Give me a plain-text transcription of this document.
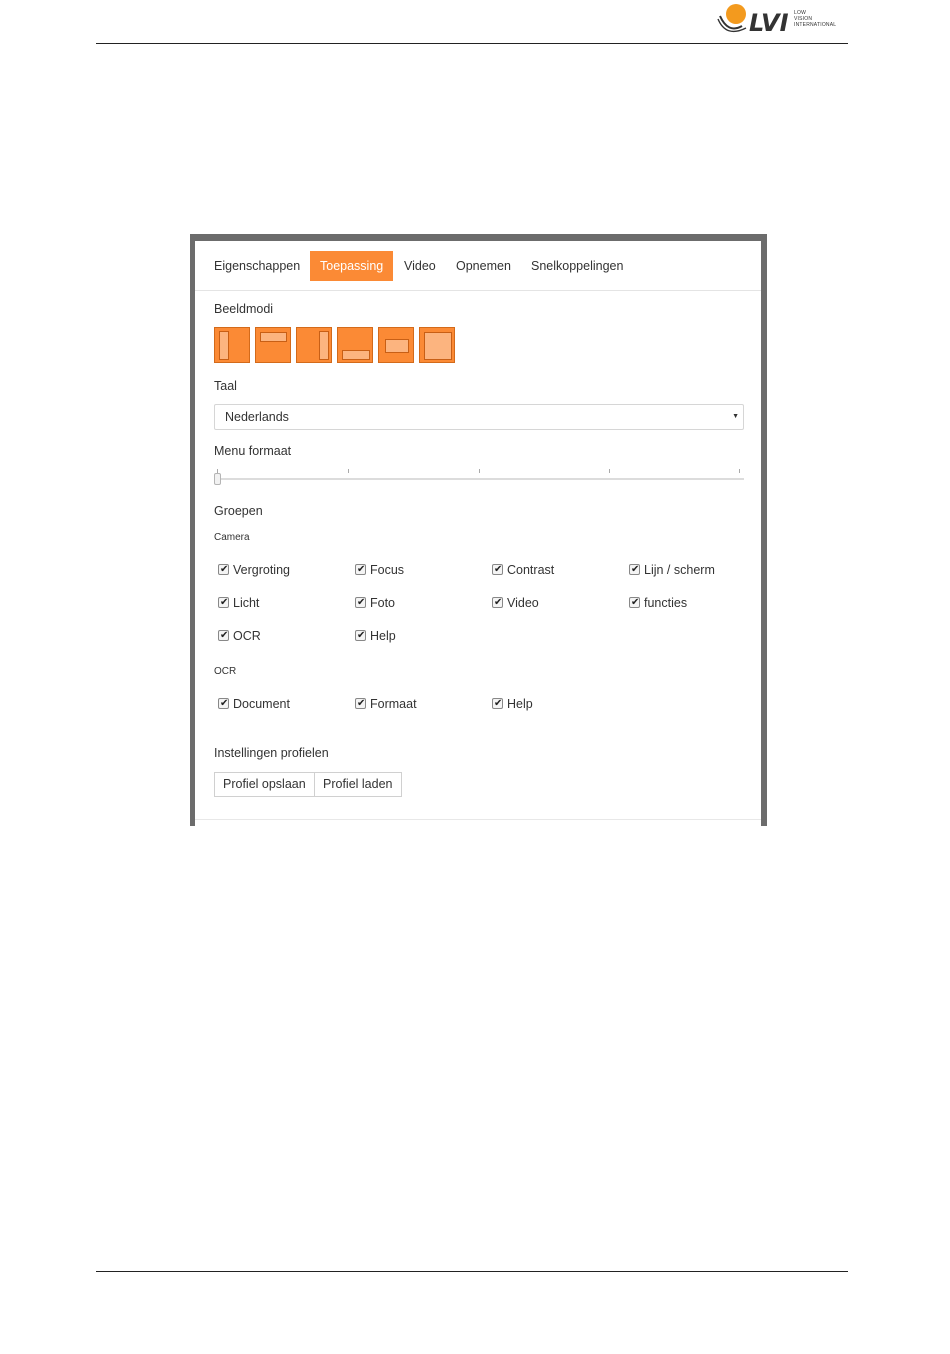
LVI LOW
VISION
INTERNATIONAL
Eigenschappen	Toepassing	Video	Opnemen	Snelkoppelingen
Beeldmodi
Taal
Nederlands	▼
Menu formaat
Groepen
Camera
✔
Vergroting ✔	Focus ✔	Contrast ✔	Lijn / scherm
✔
Licht ✔	Foto ✔	Video ✔	functies
✔
OCR ✔	Help
OCR
✔
Document ✔	Formaat ✔	Help
Instellingen profielen
Profiel opslaan	Profiel laden
